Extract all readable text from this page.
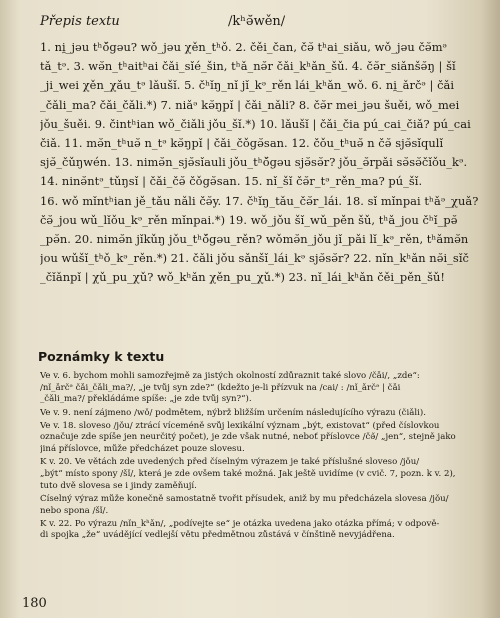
Přepis textu	/kʰǝ̆wěn/
1. ni̯_jǝu tʰǒ̆gǝu? wǒ_jǝu χěn_tʰǒ. 2. čěi_čan, čǝ̆ tʰai_siǎu, wǒ_jǝu čǝ̆mᵊ
tǎ_tᵊ. 3. wǝ̆n_tʰaitʰai čǎi_sǐé_šin, tʰǎ_nǝ̆r čǎi_kʰǎn_šǔ. 4. čǝ̆r_siǎnšǝ̆ŋ | šǐ
_ji_wei χěn_χǎu_tᵊ lǎušǐ. 5. čʰǐŋ_nǐ jǐ_kᵊ_rěn lái_kʰǎn_wǒ. 6. ni̯_ǎrčᵊ | čǎi
_čǎli_ma? čǎi_čǎli.*) 7. niǎᵊ kǝ̆ŋpǐ | čǎi_nǎli? 8. čǝ̆r mei_jǝu šuěi, wǒ_mei
jǒu_šuěi. 9. čintʰian wǒ_čiǎli jǒu_šǐ.*) 10. lǎušǐ | čǎi_čia pú_cai_čiǎ? pú_cai
čiǎ. 11. mǝ̆n_tʰuǝ̆ n_tᵊ kǝ̆ŋpǐ | čǎi_čǒgǝ̆san. 12. čǒu_tʰuǝ̆ n čǝ̆ sjǝ̆sǐqulǐ
sjǝ̆_čǔŋwén. 13. nimǝ̆n_sjǝ̆sǐauli jǒu_tʰǒ̆gǝu sjǝ̆sǝ̆r? jǒu_ǝ̆rpǎi sǝ̆sǝ̆čǐǒu_kᵊ.
14. ninǝ̆ntᵊ_tǔŋsǐ | čǎi_čǝ̆ čǒgǝ̆san. 15. nǐ_šǐ čǝ̆r_tᵊ_rěn_ma? pú_šǐ.
16. wǒ mǐntʰian jě_tǎu nǎli čǝ̆y. 17. čʰǐŋ_tǎu_čǝ̆r_lái. 18. sǐ mǐnpai tʰǎᵊ_χuǎ?
čǝ̆_jou wǔ_lǐǒu_kᵊ_rěn mǐnpai.*) 19. wǒ_jǒu šǐ_wǔ_pěn šǔ, tʰǎ_jou čʰǐ_pǝ̆
_pǝ̆n. 20. nimǝ̆n jǐkǔŋ jǒu_tʰǒ̆gǝu_rěn? wǒmǝ̆n_jǒu jǐ_pǎi lǐ_kᵊ_rěn, tʰǎmǝ̆n
jou wǔšǐ_tʰǒ_kᵊ_rěn.*) 21. čǎli jǒu sǎnšǐ_lái_kᵊ sjǝ̆sǝ̆r? 22. nǐn_kʰǎn nǝ̆i_sǐč
_čǐǎnpǐ | χǔ_pu_χǔ? wǒ_kʰǎn χěn_pu_χǔ.*) 23. nǐ_lái_kʰǎn čěi_pěn_šǔ!
Poznámky k textu
Ve v. 6. bychom mohli samozřejmě za jistých okolností zdůraznit také slovo /čǎi/, „zde“:
/nǐ_ǎrčᵊ čǎi_čǎli_ma?/, „je tvůj syn zde?“ (kdežto je-li přízvuk na /cai/ : /nǐ_ǎrčᵊ | čǎi
_čǎli_ma?/ překládáme spíše: „je zde tvůj syn?“).
Ve v. 9. není zájmeno /wǒ/ podmětem, nýbrž bližším určením následujícího výrazu (čiǎli).
Ve v. 18. sloveso /jǒu/ ztrácí víceméně svůj lexikální význam „být, existovat“ (před číslovkou
označuje zde spíše jen neurčitý počet), je zde však nutné, neboť příslovce /čǝ̆/ „jen“, stejně jako
jiná příslovce, může předcházet pouze slovesu.
K v. 20. Ve větách zde uvedených před číselným výrazem je také příslušné sloveso /jǒu/
„být“ místo spony /šǐ/, která je zde ovšem také možná. Jak ještě uvidíme (v cvič. 7, pozn. k v. 2),
tuto dvě slovesa se i jindy zaměňují.
Číselný výraz může konečně samostatně tvořit přísudek, aniž by mu předcházela slovesa /jǒu/
nebo spona /šǐ/.
K v. 22. Po výrazu /nǐn_kʰǎn/, „podívejte se“ je otázka uvedena jako otázka přímá; v odpově-
di spojka „že“ uvádějící vedlejší větu předmětnou zůstává v čínštině nevyjádřena.
180
